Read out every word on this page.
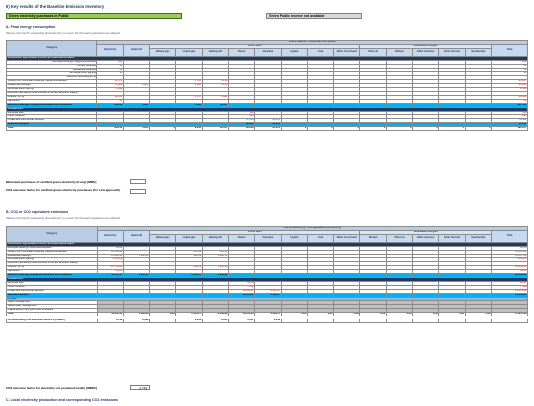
II) Key results of the Baseline Emission Inventory
Green electricity purchases in Public	Green Public reserve not available
A. Final energy consumption
Please note that for separating decimals dot [.] is used. No thousand separators are allowed.
Category	FINAL ENERGY CONSUMPTION [MWh]															
	Electricity	Heat/cold	Fossil fuels								Renewable energies					Total
			Natural gas	Liquid gas	Heating Oil	Diesel	Gasoline	Lignite	Coal	Other fossil fuels	Plant oil	Biofuel	Other biomass	Solar thermal	Geothermal	
BUILDINGS, EQUIPMENT/FACILITIES AND INDUSTRIES:																
Municipal buildings, equipment/facilities	262															262
Tertiary buildings	41															41
Residential buildings	54															54
Municipal public lighting	11															11
Industries (excluding ETS)																
Tertiary (non municipal) buildings, equipment/facilities	19.579			2.795	2.293											25.257
Residential buildings	17.993	1.201		2.690	4.573											43.006
Municipal public lighting	1.819															1.819
Industries (excluding those involved in the EU Emission trading																
scheme - ETS)	36.378			3.757	5.451											49.886
Agriculture	58															58
Subtotal buildings, equipment/facilities and industries	88.212	1.201		9.242	12.317											127.465
TRANSPORT:																
Municipal fleet						108										108
Public transport						292										292
Private and commercial transport						37.633	16.479									54.112
Subtotal transport						38.033	16.479									54.512
Total	88.212	1.201	0	9.242	12.317	38.033	16.479	0	0	0	0	0	0	0	0	181.977
Municipal purchases of certified green electricity (if any) [MWh]
CO2 emission factor for certified green electricity purchases (for LCA approach)
B. CO2 or CO2 equivalent emissions
Please note that for separating decimals dot [.] is used. No thousand separators are allowed.
Category	CO2 emissions [t] / CO2 equivalent emissions [t]															
	Electricity	Heat/cold	Fossil fuels								Renewable energies					Total
			Natural gas	Liquid gas	Heating Oil	Diesel	Gasoline	Lignite	Coal	Other fossil fuels	Biofuel	Plant oil	Other biomass	Solar thermal	Geothermal	
BUILDINGS, EQUIPMENT/FACILITIES AND INDUSTRIES:																
Municipal buildings, equipment/facilities	80,62															80,62
Tertiary (non municipal) buildings, equipment/facilities	14.599,98			650,96	605,30											15.856,24
Residential buildings	13.392,30	1.090,00		626,82	1.208,72											16.317,84
Municipal public lighting	1.355,00															1.355,00
Industries (excluding those involved in the EU Emission trading																
scheme - ETS)	26.734,00			866,39	1.435,90											29.036,29
Agriculture	43,21															43,21
Subtotal buildings, equipment/facilities and industries	56.205,11	1.090,00		2.144,17	3.249,92											62.689,20
TRANSPORT:																
Municipal fleet						28,84										28,84
Public transport						77,96										77,96
Private and commercial transport						10.048,01	4.103,27									14.151,28
Subtotal transport						10.154,81	4.103,27									14.258,08
OTHER:																
Waste management																
Waste water management																
Please specify here your other emissions																
Total	56.205,11	1.090,00	0,00	2.144,17	3.249,92	10.154,81	4.103,27	0,00	0,00	0,00	0,00	0,00	0,00	0,00	0,00	76.947,28
Corresponding CO2 emission factors in [t/MWh]	0,749	0,908		0,232	0,264	0,267	0,249									
CO2 emission factor for electricity not produced locally [t/MWh]	0,749
C. Local electricity production and corresponding CO2 emissions
